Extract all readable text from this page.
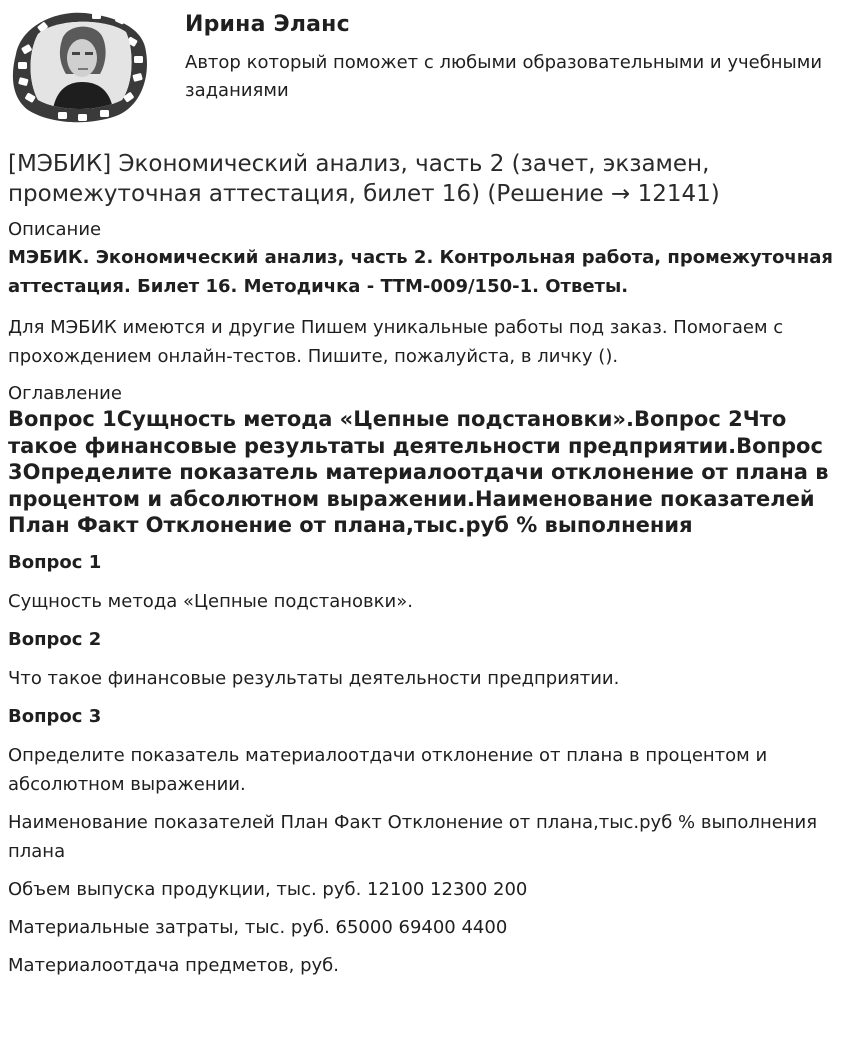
Ирина Эланс

Автор который поможет с любыми образовательными и учебными заданиями

[МЭБИК] Экономический анализ, часть 2 (зачет, экзамен, промежуточная аттестация, билет 16) (Решение → 12141)
Описание
МЭБИК. Экономический анализ, часть 2. Контрольная работа, промежуточная аттестация. Билет 16. Методичка - ТТМ-009/150-1. Ответы.

Для МЭБИК имеются и другие Пишем уникальные работы под заказ. Помогаем с прохождением онлайн-тестов. Пишите, пожалуйста, в личку ().

Оглавление
Вопрос 1Сущность метода «Цепные подстановки».Вопрос 2Что такое финансовые результаты деятельности предприятии.Вопрос 3Определите показатель материалоотдачи отклонение от плана в процентом и абсолютном выражении.Наименование показателей План Факт Отклонение от плана,тыс.руб % выполнения
Вопрос 1

Сущность метода «Цепные подстановки».

Вопрос 2

Что такое финансовые результаты деятельности предприятии.

Вопрос 3

Определите показатель материалоотдачи отклонение от плана в процентом и абсолютном выражении.

Наименование показателей План Факт Отклонение от плана,тыс.руб % выполнения плана

Объем выпуска продукции, тыс. руб. 12100 12300 200

Материальные затраты, тыс. руб. 65000 69400 4400

Материалоотдача предметов, руб.
